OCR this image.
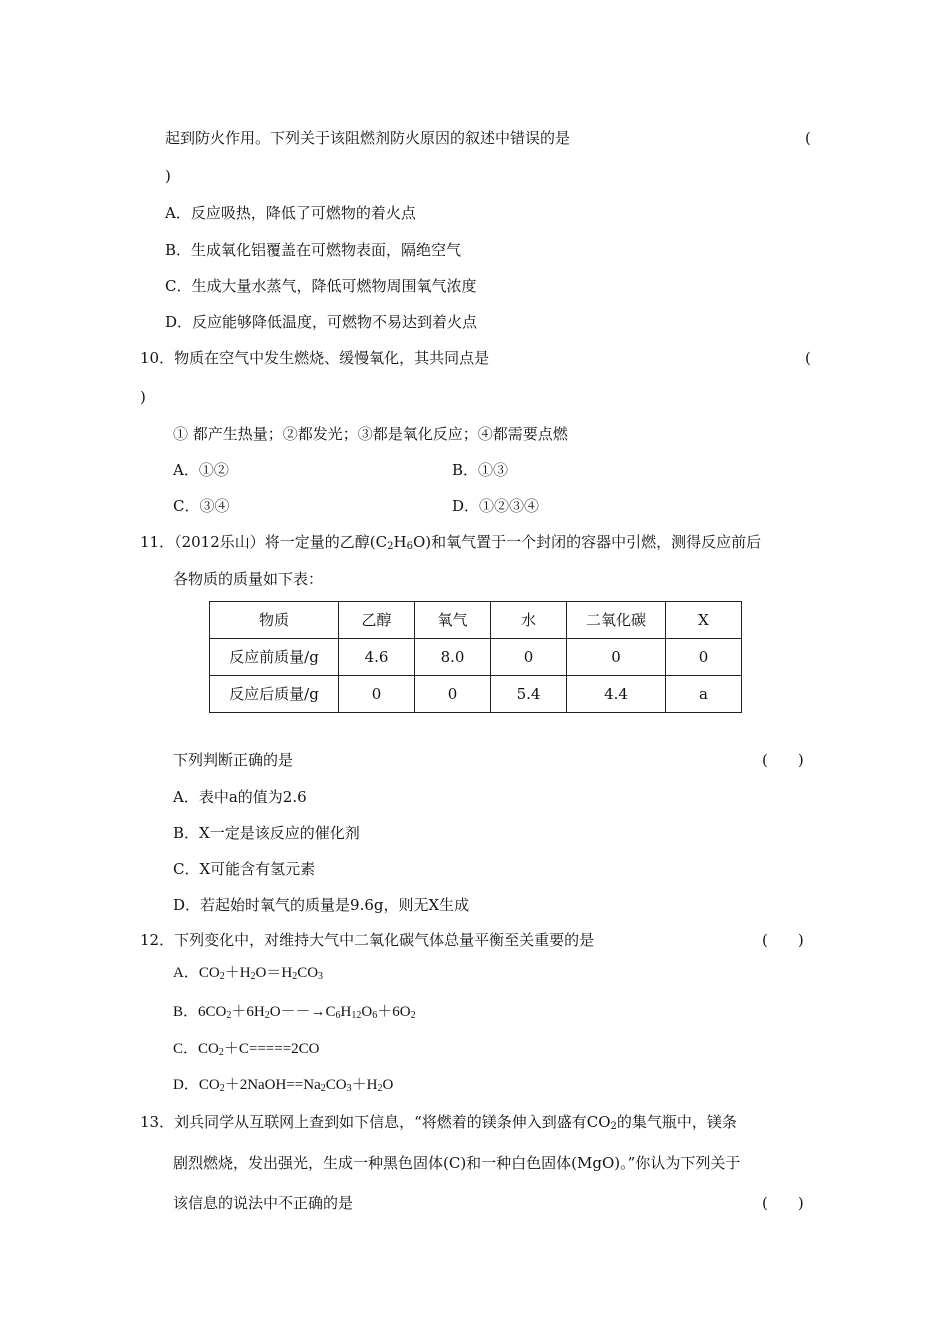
起到防火作用。下列关于该阻燃剂防火原因的叙述中错误的是	(
)
A．反应吸热，降低了可燃物的着火点
B．生成氧化铝覆盖在可燃物表面，隔绝空气
C．生成大量水蒸气，降低可燃物周围氧气浓度
D．反应能够降低温度，可燃物不易达到着火点
10．物质在空气中发生燃烧、缓慢氧化，其共同点是	(
)
① 都产生热量；②都发光；③都是氧化反应；④都需要点燃
A．①②	B．①③
C．③④	D．①②③④
11．（2012乐山）将一定量的乙醇$(C_2H_6O)$和氧气置于一个封闭的容器中引燃，测得反应前后
各物质的质量如下表：
物质	乙醇	氧气	水	二氧化碳	X
反应前质量/g	4.6	8.0	0	0	0
反应后质量/g	0	0	5.4	4.4	a
下列判断正确的是	(　　)
A．表中a的值为2.6
B．X一定是该反应的催化剂
C．X可能含有氢元素
D．若起始时氧气的质量是9.6g，则无X生成
12．下列变化中，对维持大气中二氧化碳气体总量平衡至关重要的是	(　　)
A．$CO_2+H_2O=H_2CO_3$
B．$6CO_2+6H_2O--\to C_6H_{12}O_6+6O_2$
C．$CO_2+C=====2CO$
D．$CO_2+2NaOH==Na_2CO_3+H_2O$
13．刘兵同学从互联网上查到如下信息，“将燃着的镁条伸入到盛有$CO_2$的集气瓶中，镁条
剧烈燃烧，发出强光，生成一种黑色固体(C)和一种白色固体(MgO)。”你认为下列关于
该信息的说法中不正确的是	(　　)
